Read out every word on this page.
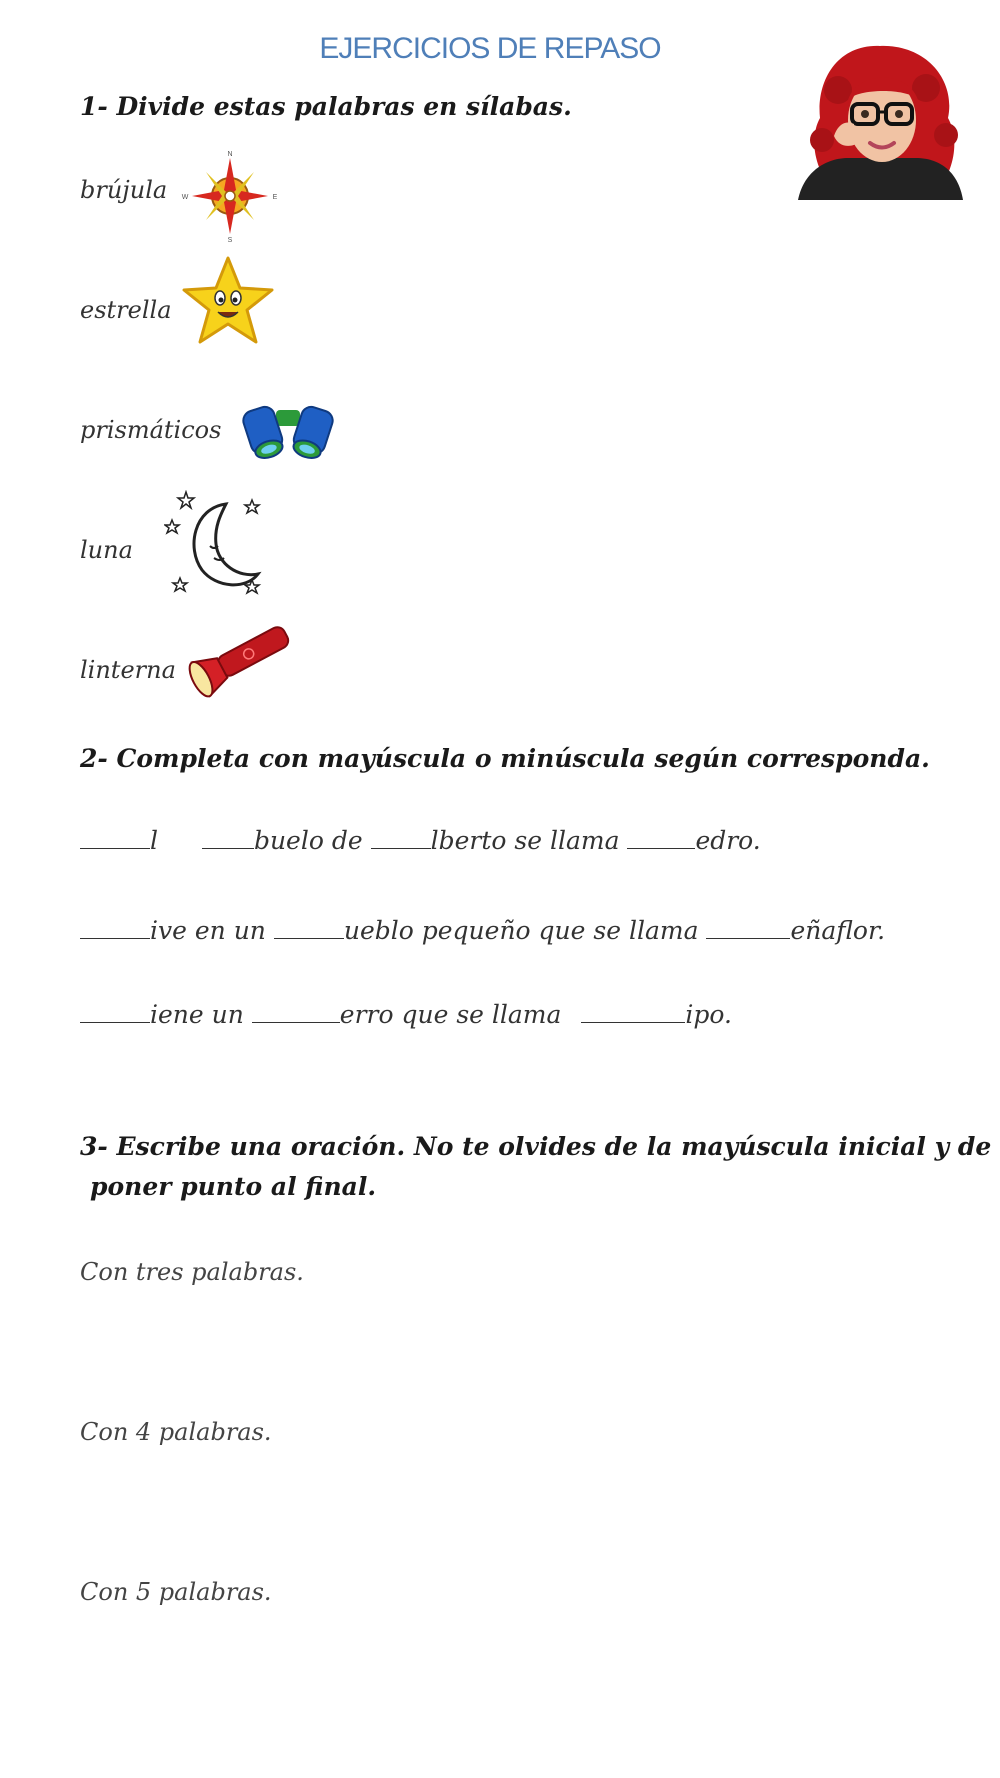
EJERCICIOS DE REPASO
1- Divide estas palabras en sílabas.
brújula
N
S
E
W
estrella
prismáticos
luna
linterna
2- Completa con mayúscula o minúscula según corresponda.
l	buelo de	lberto se llama	edro.
ive en un	ueblo pequeño que se llama	eñaflor.
iene un	erro que se llama	ipo.
3- Escribe una oración. No te olvides de la mayúscula inicial y de
poner punto al final.
Con tres palabras.
Con 4 palabras.
Con 5 palabras.
